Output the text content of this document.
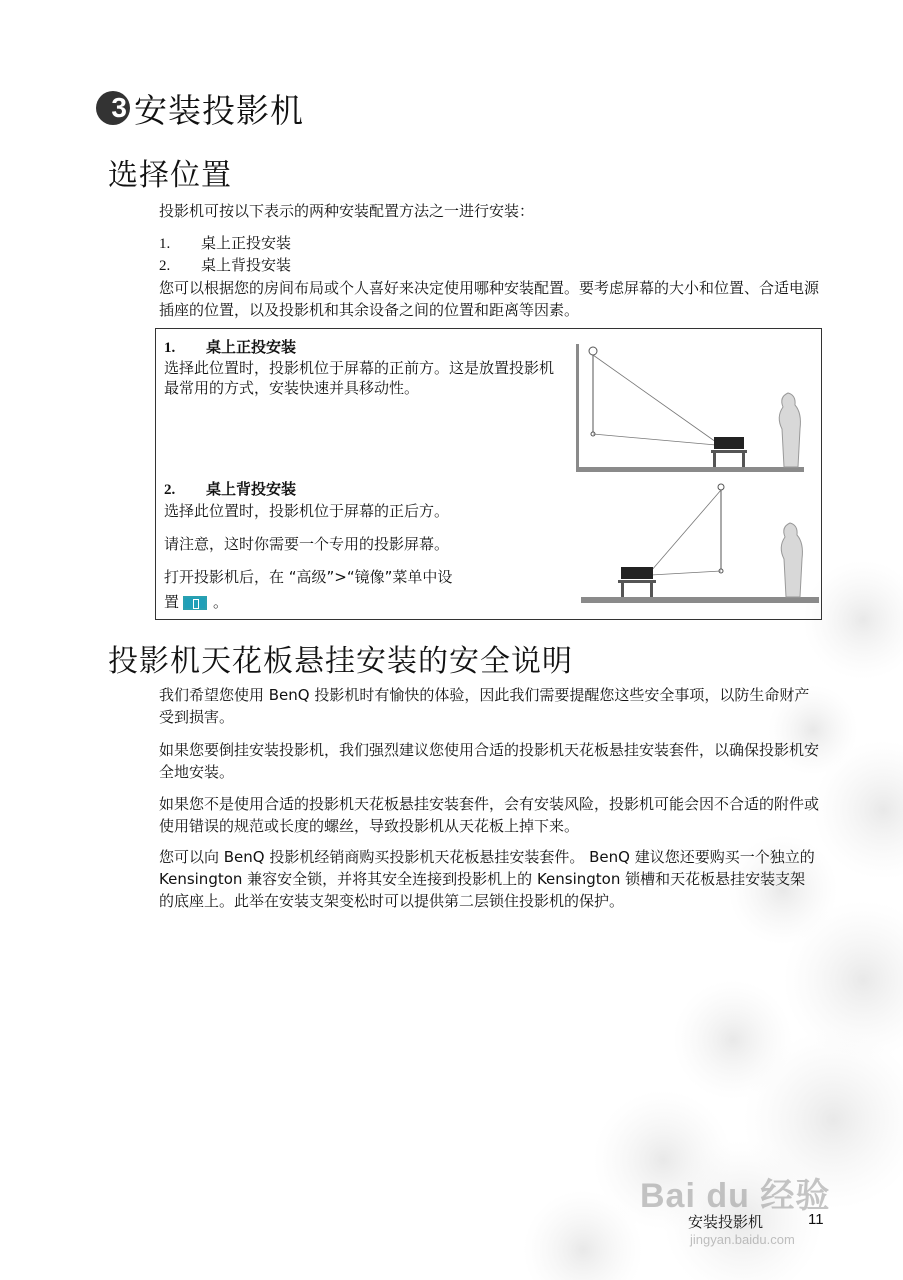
3 安装投影机
选择位置
投影机可按以下表示的两种安装配置方法之一进行安装：
1. 桌上正投安装
2. 桌上背投安装
您可以根据您的房间布局或个人喜好来决定使用哪种安装配置。要考虑屏幕的大小和位置、合适电源插座的位置，以及投影机和其余设备之间的位置和距离等因素。
1. 桌上正投安装
选择此位置时，投影机位于屏幕的正前方。这是放置投影机最常用的方式，安装快速并具移动性。
2. 桌上背投安装
选择此位置时，投影机位于屏幕的正后方。
请注意，这时你需要一个专用的投影屏幕。
打开投影机后，在 “高级”>“镜像”菜单中设
置 。
投影机天花板悬挂安装的安全说明
我们希望您使用 BenQ 投影机时有愉快的体验，因此我们需要提醒您这些安全事项，以防生命财产受到损害。
如果您要倒挂安装投影机，我们强烈建议您使用合适的投影机天花板悬挂安装套件，以确保投影机安全地安装。
如果您不是使用合适的投影机天花板悬挂安装套件，会有安装风险，投影机可能会因不合适的附件或使用错误的规范或长度的螺丝，导致投影机从天花板上掉下来。
您可以向 BenQ 投影机经销商购买投影机天花板悬挂安装套件。 BenQ 建议您还要购买一个独立的 Kensington 兼容安全锁，并将其安全连接到投影机上的 Kensington 锁槽和天花板悬挂安装支架的底座上。此举在安装支架变松时可以提供第二层锁住投影机的保护。
Bai du 经验
jingyan.baidu.com
安装投影机	11
